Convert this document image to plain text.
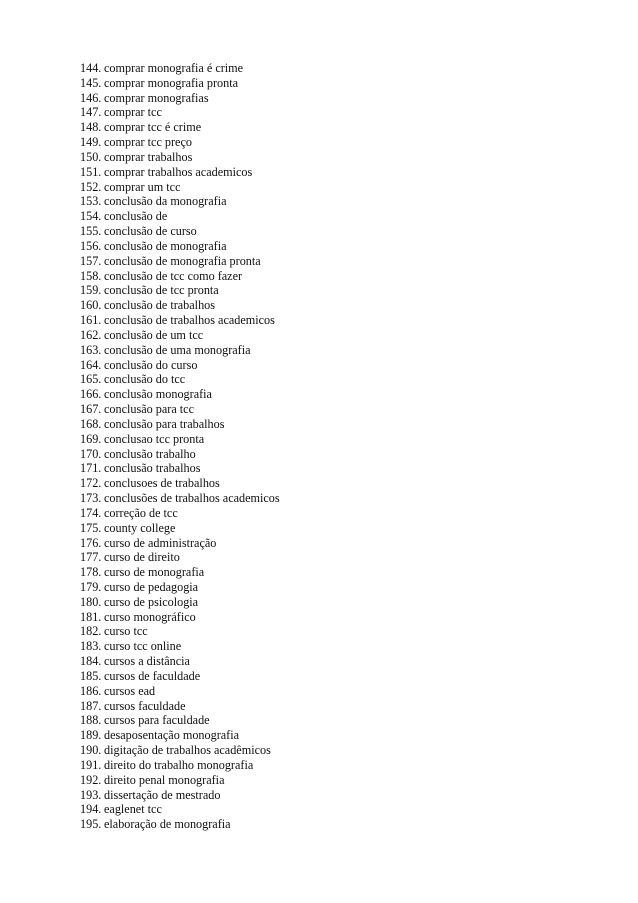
144. comprar monografia é crime
145. comprar monografia pronta
146. comprar monografias
147. comprar tcc
148. comprar tcc é crime
149. comprar tcc preço
150. comprar trabalhos
151. comprar trabalhos academicos
152. comprar um tcc
153. conclusão da monografia
154. conclusão de
155. conclusão de curso
156. conclusão de monografia
157. conclusão de monografia pronta
158. conclusão de tcc como fazer
159. conclusão de tcc pronta
160. conclusão de trabalhos
161. conclusão de trabalhos academicos
162. conclusão de um tcc
163. conclusão de uma monografia
164. conclusão do curso
165. conclusão do tcc
166. conclusão monografia
167. conclusão para tcc
168. conclusão para trabalhos
169. conclusao tcc pronta
170. conclusão trabalho
171. conclusão trabalhos
172. conclusoes de trabalhos
173. conclusões de trabalhos academicos
174. correção de tcc
175. county college
176. curso de administração
177. curso de direito
178. curso de monografia
179. curso de pedagogia
180. curso de psicologia
181. curso monográfico
182. curso tcc
183. curso tcc online
184. cursos a distância
185. cursos de faculdade
186. cursos ead
187. cursos faculdade
188. cursos para faculdade
189. desaposentação monografia
190. digitação de trabalhos acadêmicos
191. direito do trabalho monografia
192. direito penal monografia
193. dissertação de mestrado
194. eaglenet tcc
195. elaboração de monografia
